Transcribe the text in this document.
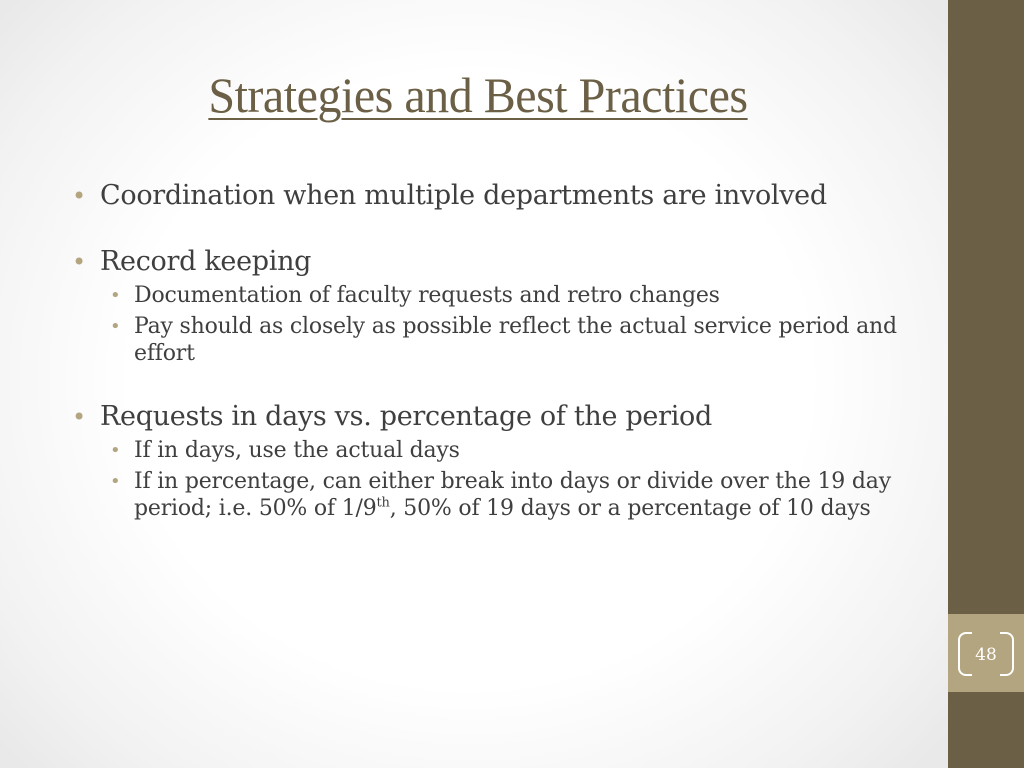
Strategies and Best Practices
• Coordination when multiple departments are involved
• Record keeping
• Documentation of faculty requests and retro changes
• Pay should as closely as possible reflect the actual service period and effort
• Requests in days vs. percentage of the period
• If in days, use the actual days
• If in percentage, can either break into days or divide over the 19 day period; i.e. 50% of 1/9th, 50% of 19 days or a percentage of 10 days
48
